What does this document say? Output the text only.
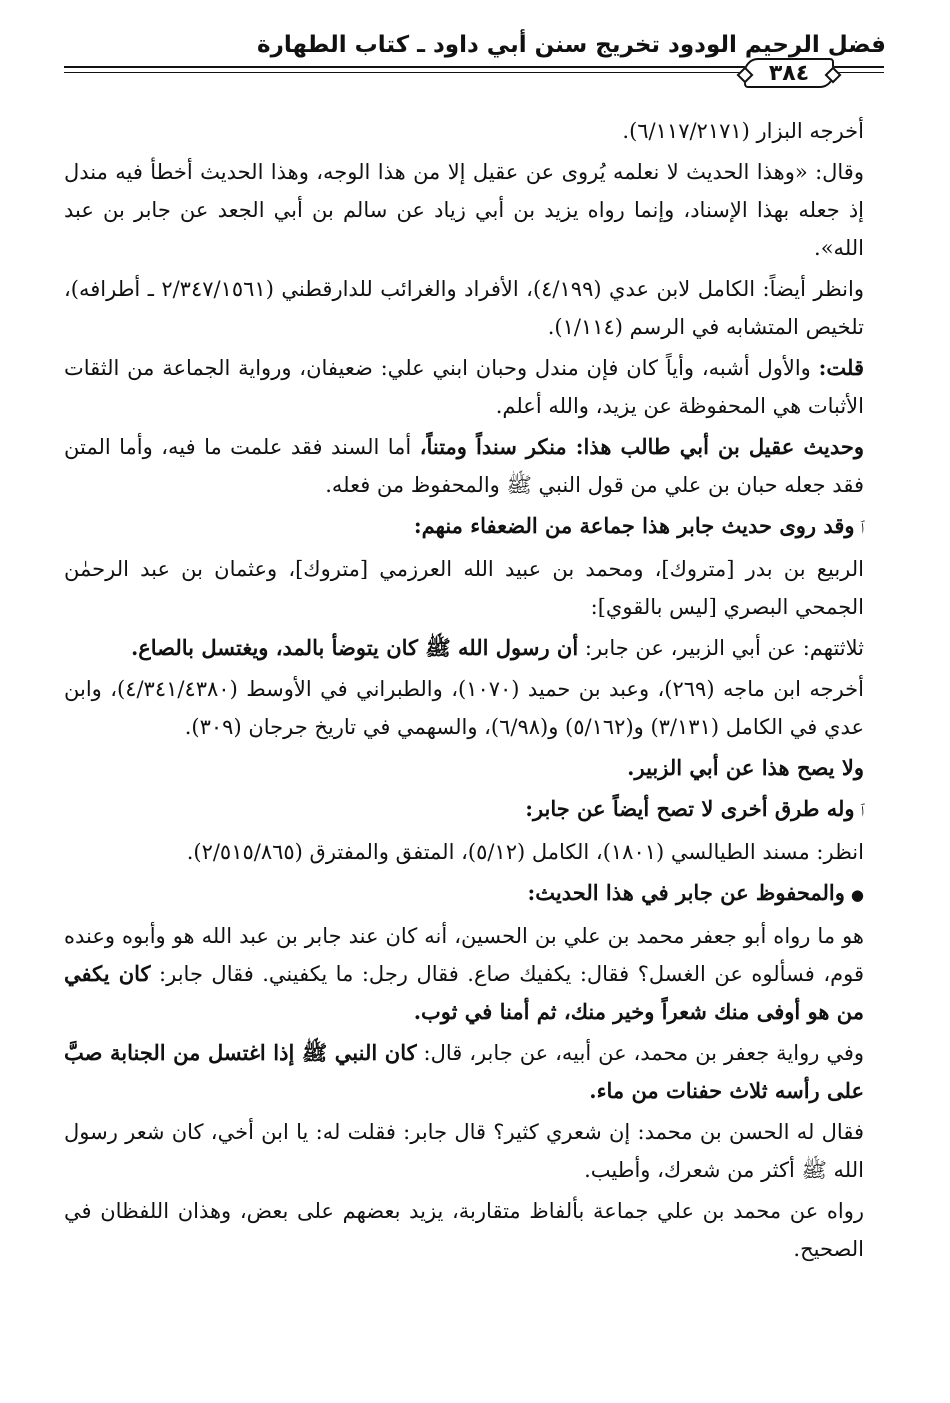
فضل الرحيم الودود تخريج سنن أبي داود ـ كتاب الطهارة
٣٨٤

أخرجه البزار (٦/١١٧/٢١٧١).

وقال: «وهذا الحديث لا نعلمه يُروى عن عقيل إلا من هذا الوجه، وهذا الحديث أخطأ فيه مندل إذ جعله بهذا الإسناد، وإنما رواه يزيد بن أبي زياد عن سالم بن أبي الجعد عن جابر بن عبد الله».

وانظر أيضاً: الكامل لابن عدي (٤/١٩٩)، الأفراد والغرائب للدارقطني (٢/٣٤٧/١٥٦١ ـ أطرافه)، تلخيص المتشابه في الرسم (١/١١٤).

قلت: والأول أشبه، وأياً كان فإن مندل وحبان ابني علي: ضعيفان، ورواية الجماعة من الثقات الأثبات هي المحفوظة عن يزيد، والله أعلم.

وحديث عقيل بن أبي طالب هذا: منكر سنداً ومتناً، أما السند فقد علمت ما فيه، وأما المتن فقد جعله حبان بن علي من قول النبي ﷺ والمحفوظ من فعله.

ﭐوقد روى حديث جابر هذا جماعة من الضعفاء منهم:

الربيع بن بدر [متروك]، ومحمد بن عبيد الله العرزمي [متروك]، وعثمان بن عبد الرحمٰن الجمحي البصري [ليس بالقوي]:

ثلاثتهم: عن أبي الزبير، عن جابر: أن رسول الله ﷺ كان يتوضأ بالمد، ويغتسل بالصاع.

أخرجه ابن ماجه (٢٦٩)، وعبد بن حميد (١٠٧٠)، والطبراني في الأوسط (٤/٣٤١/٤٣٨٠)، وابن عدي في الكامل (٣/١٣١) و(٥/١٦٢) و(٦/٩٨)، والسهمي في تاريخ جرجان (٣٠٩).

ولا يصح هذا عن أبي الزبير.

ﭐوله طرق أخرى لا تصح أيضاً عن جابر:

انظر: مسند الطيالسي (١٨٠١)، الكامل (٥/١٢)، المتفق والمفترق (٢/٥١٥/٨٦٥).

●والمحفوظ عن جابر في هذا الحديث:

هو ما رواه أبو جعفر محمد بن علي بن الحسين، أنه كان عند جابر بن عبد الله هو وأبوه وعنده قوم، فسألوه عن الغسل؟ فقال: يكفيك صاع. فقال رجل: ما يكفيني. فقال جابر: كان يكفي من هو أوفى منك شعراً وخير منك، ثم أمنا في ثوب.

وفي رواية جعفر بن محمد، عن أبيه، عن جابر، قال: كان النبي ﷺ إذا اغتسل من الجنابة صبَّ على رأسه ثلاث حفنات من ماء.

فقال له الحسن بن محمد: إن شعري كثير؟ قال جابر: فقلت له: يا ابن أخي، كان شعر رسول الله ﷺ أكثر من شعرك، وأطيب.

رواه عن محمد بن علي جماعة بألفاظ متقاربة، يزيد بعضهم على بعض، وهذان اللفظان في الصحيح.
